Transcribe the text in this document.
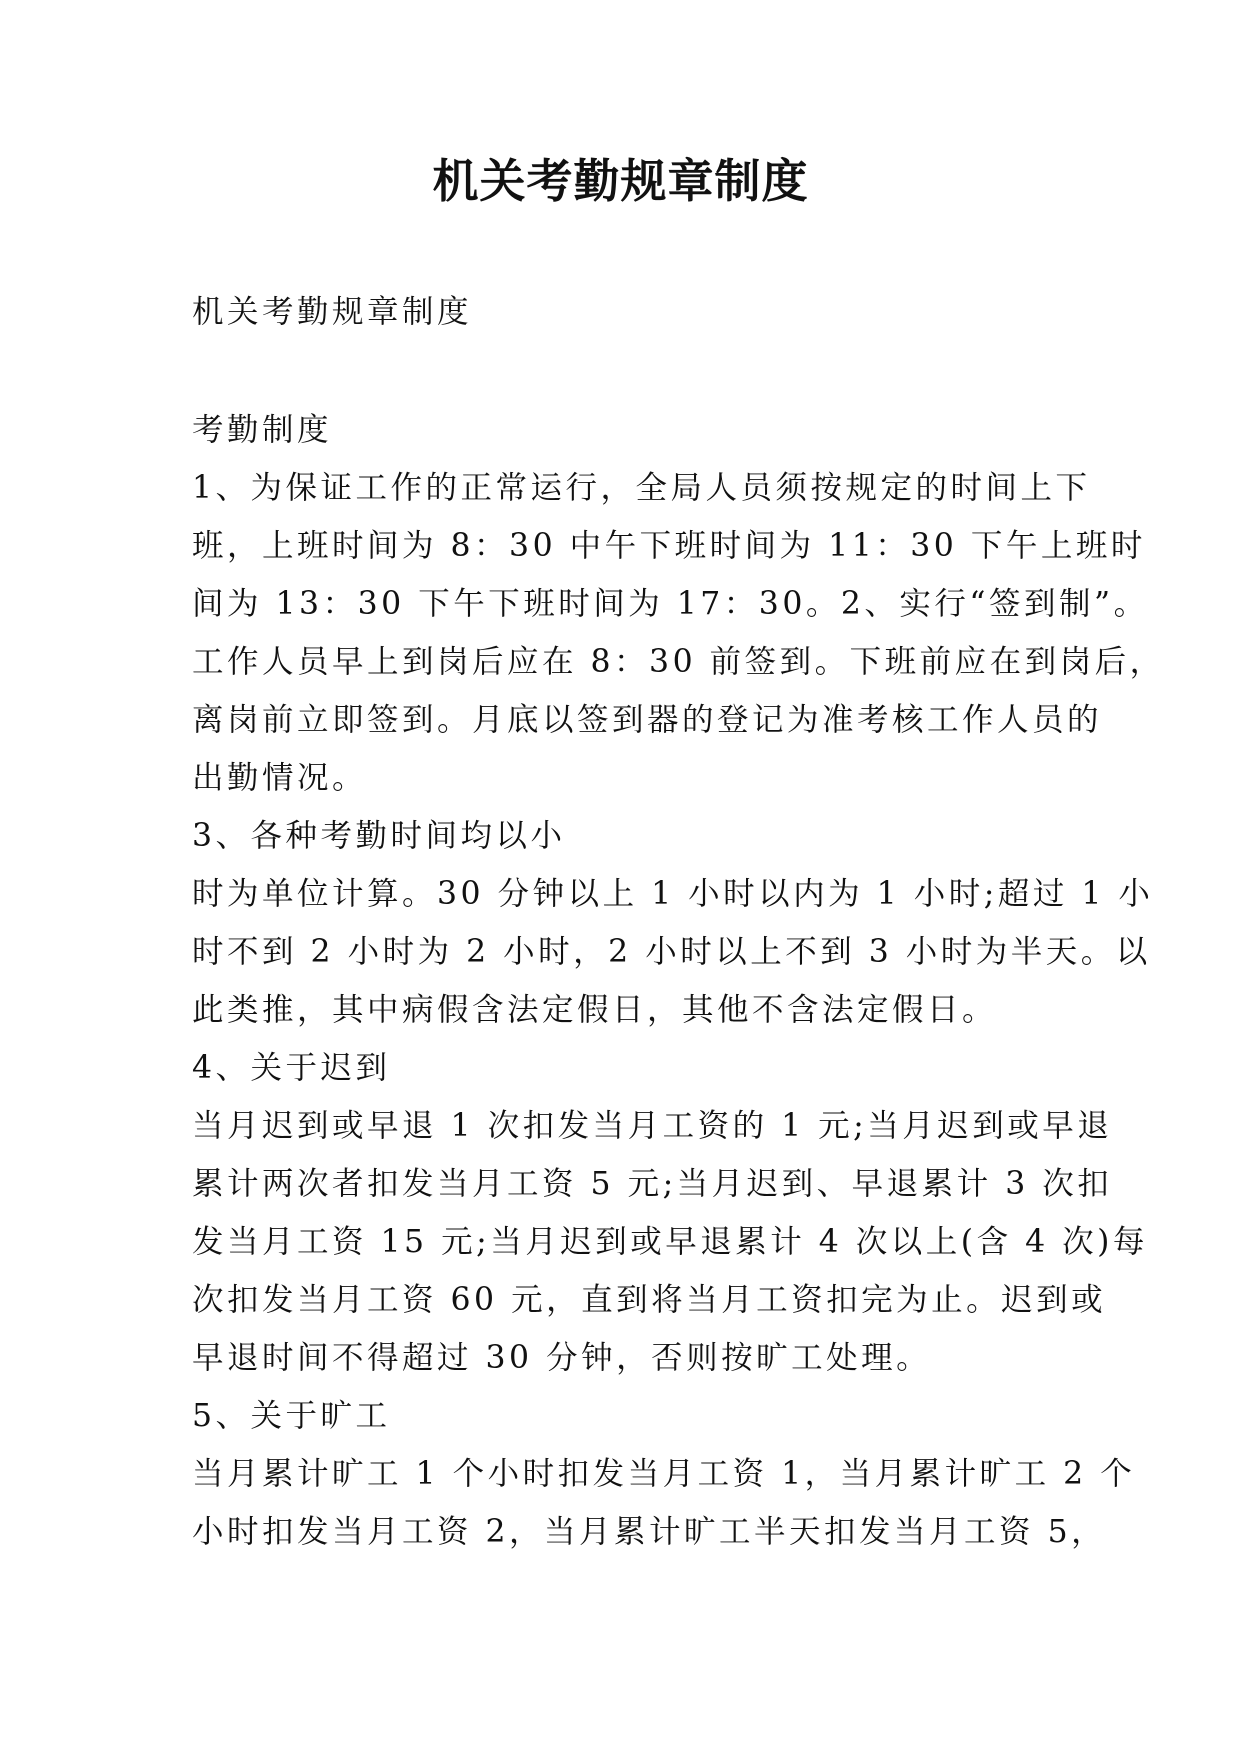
机关考勤规章制度
机关考勤规章制度
考勤制度
1、为保证工作的正常运行，全局人员须按规定的时间上下
班，上班时间为 8：30 中午下班时间为 11：30 下午上班时
间为 13：30 下午下班时间为 17：30。2、实行“签到制”。
工作人员早上到岗后应在 8：30 前签到。下班前应在到岗后，
离岗前立即签到。月底以签到器的登记为准考核工作人员的
出勤情况。
3、各种考勤时间均以小
时为单位计算。30 分钟以上 1 小时以内为 1 小时;超过 1 小
时不到 2 小时为 2 小时，2 小时以上不到 3 小时为半天。以
此类推，其中病假含法定假日，其他不含法定假日。
4、关于迟到
当月迟到或早退 1 次扣发当月工资的 1 元;当月迟到或早退
累计两次者扣发当月工资 5 元;当月迟到、早退累计 3 次扣
发当月工资 15 元;当月迟到或早退累计 4 次以上(含 4 次)每
次扣发当月工资 60 元，直到将当月工资扣完为止。迟到或
早退时间不得超过 30 分钟，否则按旷工处理。
5、关于旷工
当月累计旷工 1 个小时扣发当月工资 1，当月累计旷工 2 个
小时扣发当月工资 2，当月累计旷工半天扣发当月工资 5，
